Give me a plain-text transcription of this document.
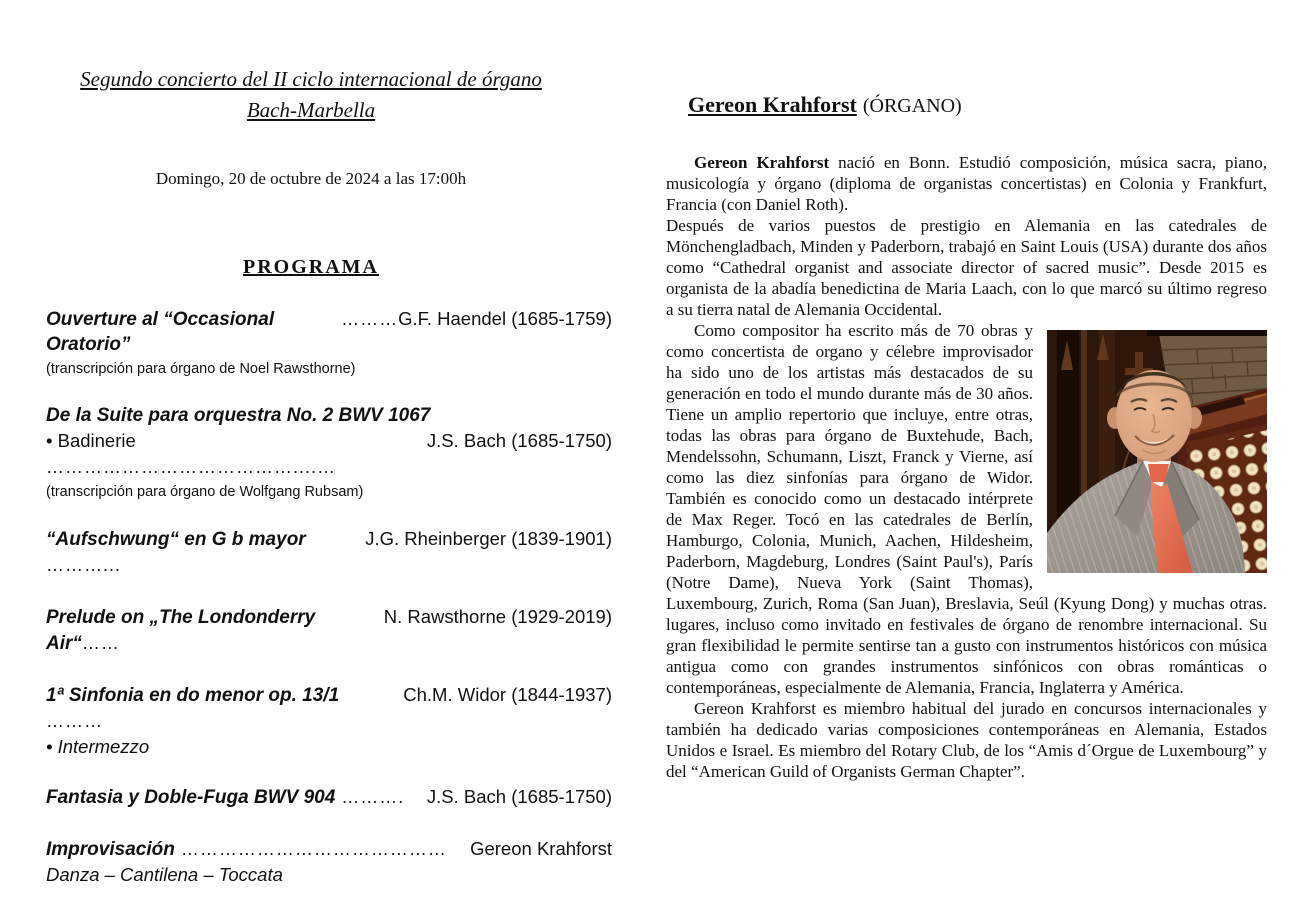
Segundo concierto del II ciclo internacional de órgano
Bach-Marbella
Domingo, 20 de octubre de 2024 a las 17:00h
PROGRAMA
Ouverture al “Occasional Oratorio”
………G.F. Haendel (1685-1759)
(transcripción para órgano de Noel Rawsthorne)
De la Suite para orquestra No. 2 BWV 1067
• Badinerie …………………………………....…
J.S. Bach (1685-1750)
(transcripción para órgano de Wolfgang Rubsam)
“Aufschwung“ en G b mayor ………...
J.G. Rheinberger (1839-1901)
Prelude on „The Londonderry Air“……
N. Rawsthorne (1929-2019)
1ª Sinfonia en do menor op. 13/1 ………
Ch.M. Widor (1844-1937)
• Intermezzo
Fantasia y Doble-Fuga BWV 904 ……….	J.S. Bach (1685-1750)
Improvisación ……………………………………	Gereon Krahforst
Danza – Cantilena – Toccata
Gereon Krahforst (ÓRGANO)

Gereon Krahforst nació en Bonn. Estudió composición, música sacra, piano, musicología y órgano (diploma de organistas concertistas) en Colonia y Frankfurt, Francia (con Daniel Roth).

Después de varios puestos de prestigio en Alemania en las catedrales de Mönchengladbach, Minden y Paderborn, trabajó en Saint Louis (USA) durante dos años como “Cathedral organist and associate director of sacred music”. Desde 2015 es organista de la abadía benedictina de Maria Laach, con lo que marcó su último regreso a su tierra natal de Alemania Occidental.

Como compositor ha escrito más de 70 obras y como concertista de organo y célebre improvisador ha sido uno de los artistas más destacados de su generación en todo el mundo durante más de 30 años. Tiene un amplio repertorio que incluye, entre otras, todas las obras para órgano de Buxtehude, Bach, Mendelssohn, Schumann, Liszt, Franck y Vierne, así como las diez sinfonías para órgano de Widor. También es conocido como un destacado intérprete de Max Reger. Tocó en las catedrales de Berlín, Hamburgo, Colonia, Munich, Aachen, Hildesheim, Paderborn, Magdeburg, Londres (Saint Paul's), París (Notre Dame), Nueva York (Saint Thomas), Luxembourg, Zurich, Roma (San Juan), Breslavia, Seúl (Kyung Dong) y muchas otras. lugares, incluso como invitado en festivales de órgano de renombre internacional. Su gran flexibilidad le permite sentirse tan a gusto con instrumentos históricos con música antigua como con grandes instrumentos sinfónicos con obras románticas o contemporáneas, especialmente de Alemania, Francia, Inglaterra y América.

Gereon Krahforst es miembro habitual del jurado en concursos internacionales y también ha dedicado varias composiciones contemporáneas en Alemania, Estados Unidos e Israel. Es miembro del Rotary Club, de los “Amis d´Orgue de Luxembourg” y del “American Guild of Organists German Chapter”.
